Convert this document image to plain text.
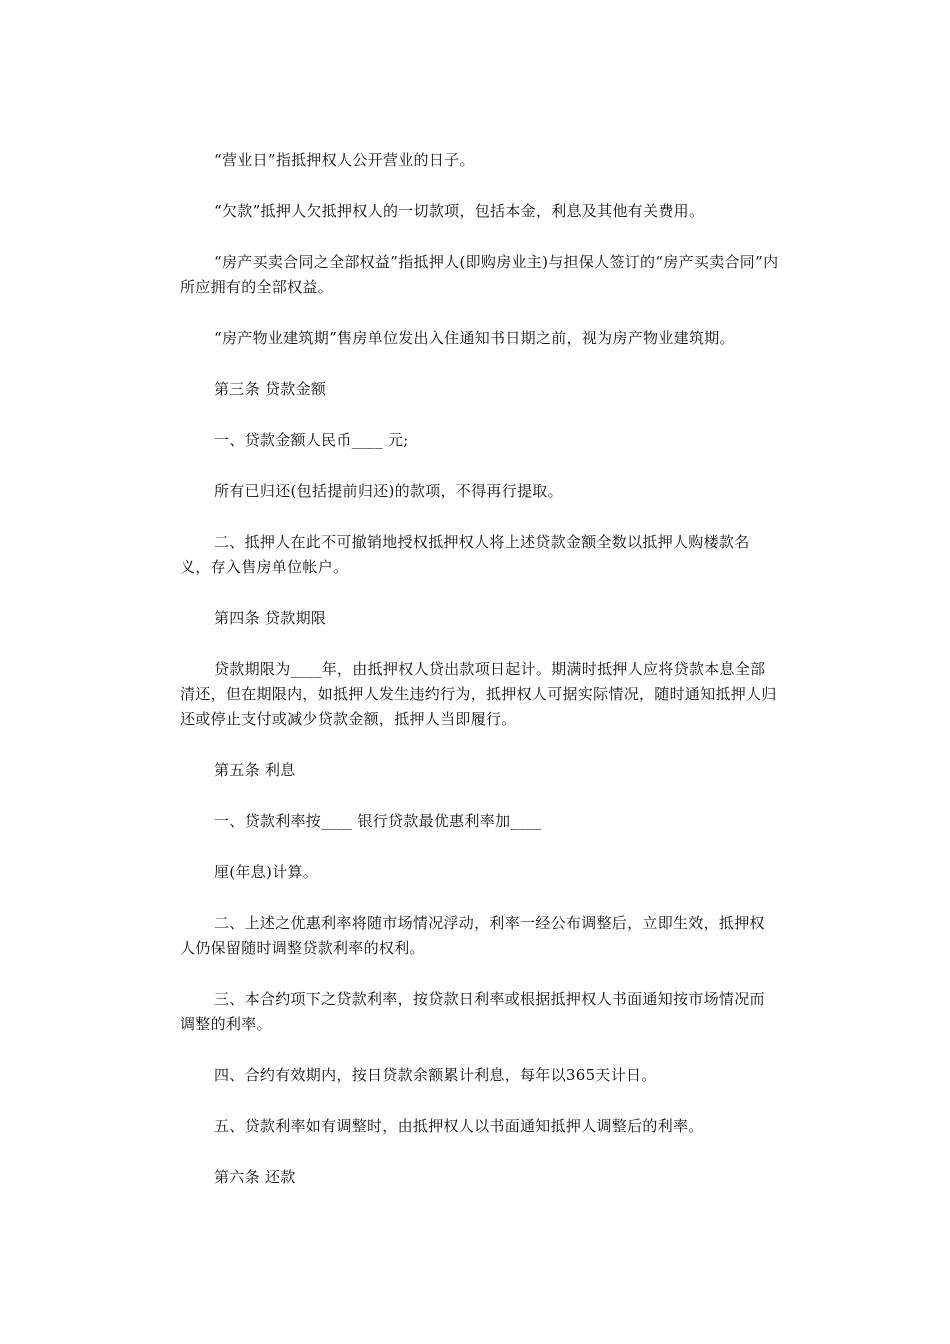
“营业日”指抵押权人公开营业的日子。

“欠款”抵押人欠抵押权人的一切款项，包括本金，利息及其他有关费用。

“房产买卖合同之全部权益”指抵押人(即购房业主)与担保人签订的“房产买卖合同”内所应拥有的全部权益。

“房产物业建筑期”售房单位发出入住通知书日期之前，视为房产物业建筑期。

第三条 贷款金额

一、贷款金额人民币____ 元;

所有已归还(包括提前归还)的款项，不得再行提取。

二、抵押人在此不可撤销地授权抵押权人将上述贷款金额全数以抵押人购楼款名义，存入售房单位帐户。

第四条 贷款期限

贷款期限为____年，由抵押权人贷出款项日起计。期满时抵押人应将贷款本息全部清还，但在期限内，如抵押人发生违约行为，抵押权人可据实际情况，随时通知抵押人归还或停止支付或减少贷款金额，抵押人当即履行。

第五条 利息

一、贷款利率按____ 银行贷款最优惠利率加____

厘(年息)计算。

二、上述之优惠利率将随市场情况浮动，利率一经公布调整后，立即生效，抵押权人仍保留随时调整贷款利率的权利。

三、本合约项下之贷款利率，按贷款日利率或根据抵押权人书面通知按市场情况而调整的利率。

四、合约有效期内，按日贷款余额累计利息，每年以365天计日。

五、贷款利率如有调整时，由抵押权人以书面通知抵押人调整后的利率。

第六条 还款
